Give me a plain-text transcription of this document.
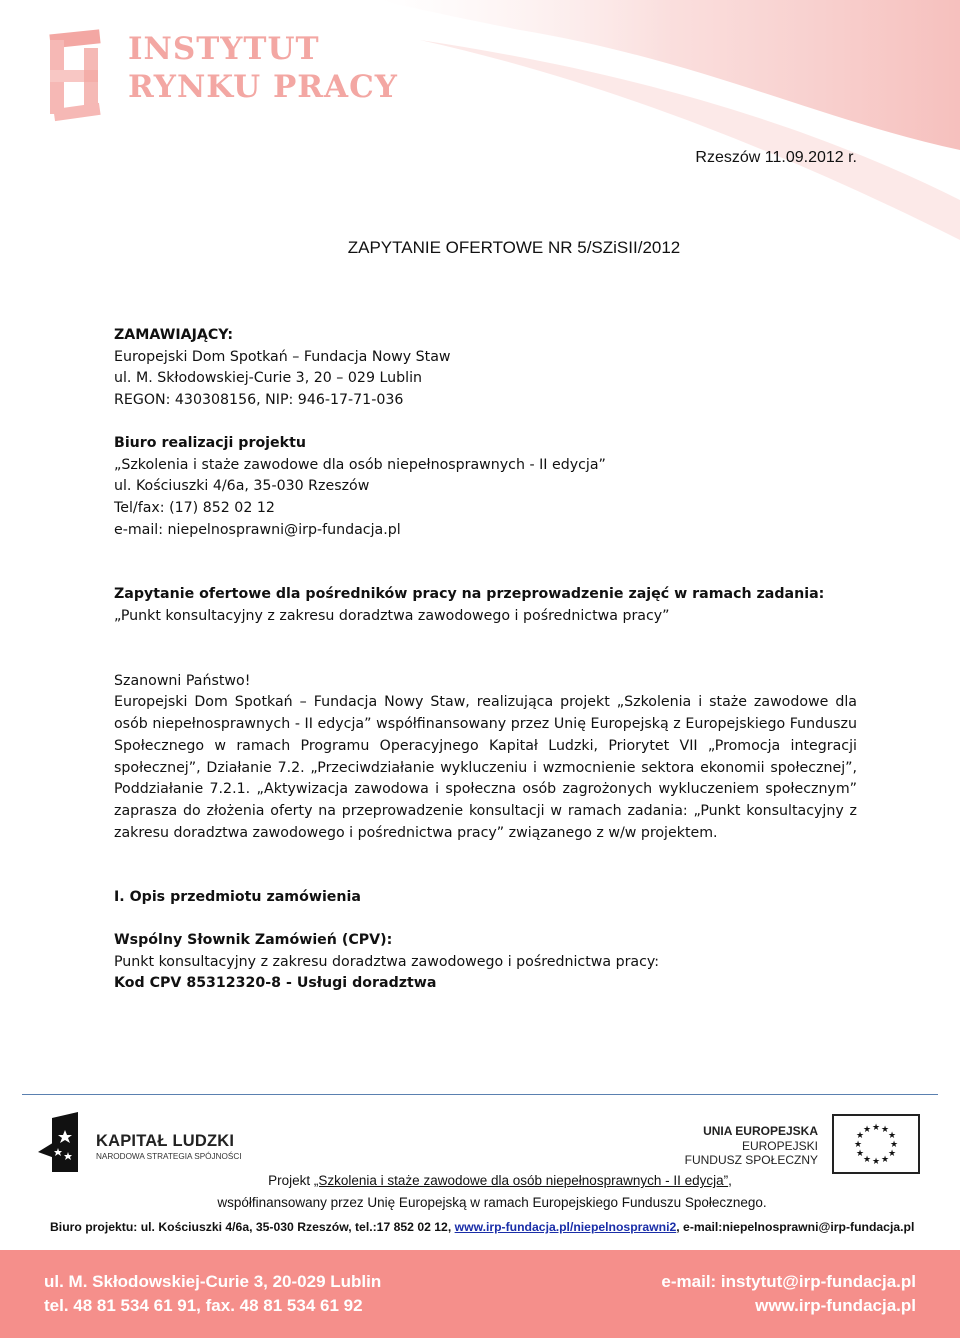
INSTYTUT
RYNKU PRACY
Rzeszów 11.09.2012 r.
ZAPYTANIE OFERTOWE NR 5/SZiSII/2012

ZAMAWIAJĄCY:

Europejski Dom Spotkań – Fundacja Nowy Staw

ul. M. Skłodowskiej-Curie 3, 20 – 029 Lublin

REGON: 430308156, NIP: 946-17-71-036

Biuro realizacji projektu

„Szkolenia i staże zawodowe dla osób niepełnosprawnych - II edycja”

ul. Kościuszki 4/6a, 35-030 Rzeszów

Tel/fax: (17) 852 02 12

e-mail: niepelnosprawni@irp-fundacja.pl

Zapytanie ofertowe dla pośredników pracy na przeprowadzenie zajęć w ramach zadania:

„Punkt konsultacyjny z zakresu doradztwa zawodowego i pośrednictwa pracy”

Szanowni Państwo!

Europejski Dom Spotkań – Fundacja Nowy Staw, realizująca projekt „Szkolenia i staże zawodowe dla osób niepełnosprawnych - II edycja” współfinansowany przez Unię Europejską z Europejskiego Funduszu Społecznego w ramach Programu Operacyjnego Kapitał Ludzki, Priorytet VII „Promocja integracji społecznej”, Działanie 7.2. „Przeciwdziałanie wykluczeniu i wzmocnienie sektora ekonomii społecznej”, Poddziałanie 7.2.1. „Aktywizacja zawodowa i społeczna osób zagrożonych wykluczeniem społecznym” zaprasza do złożenia oferty na przeprowadzenie konsultacji w ramach zadania: „Punkt konsultacyjny z zakresu doradztwa zawodowego i pośrednictwa pracy” związanego z w/w projektem.

I. Opis przedmiotu zamówienia

Wspólny Słownik Zamówień (CPV):

Punkt konsultacyjny z zakresu doradztwa zawodowego i pośrednictwa pracy:

Kod CPV 85312320-8 - Usługi doradztwa

KAPITAŁ LUDZKI
NARODOWA STRATEGIA SPÓJNOŚCI
UNIA EUROPEJSKA
EUROPEJSKI
FUNDUSZ SPOŁECZNY
★ ★
★
★
★
★
★
★
★
★
★
★
Projekt „Szkolenia i staże zawodowe dla osób niepełnosprawnych - II edycja”,
współfinansowany przez Unię Europejską w ramach Europejskiego Funduszu Społecznego.
Biuro projektu: ul. Kościuszki 4/6a, 35-030 Rzeszów, tel.:17 852 02 12, www.irp-fundacja.pl/niepelnosprawni2, e-mail:niepelnosprawni@irp-fundacja.pl
ul. M. Skłodowskiej-Curie 3, 20-029 Lublin
tel. 48 81 534 61 91, fax. 48 81 534 61 92
e-mail: instytut@irp-fundacja.pl
www.irp-fundacja.pl
